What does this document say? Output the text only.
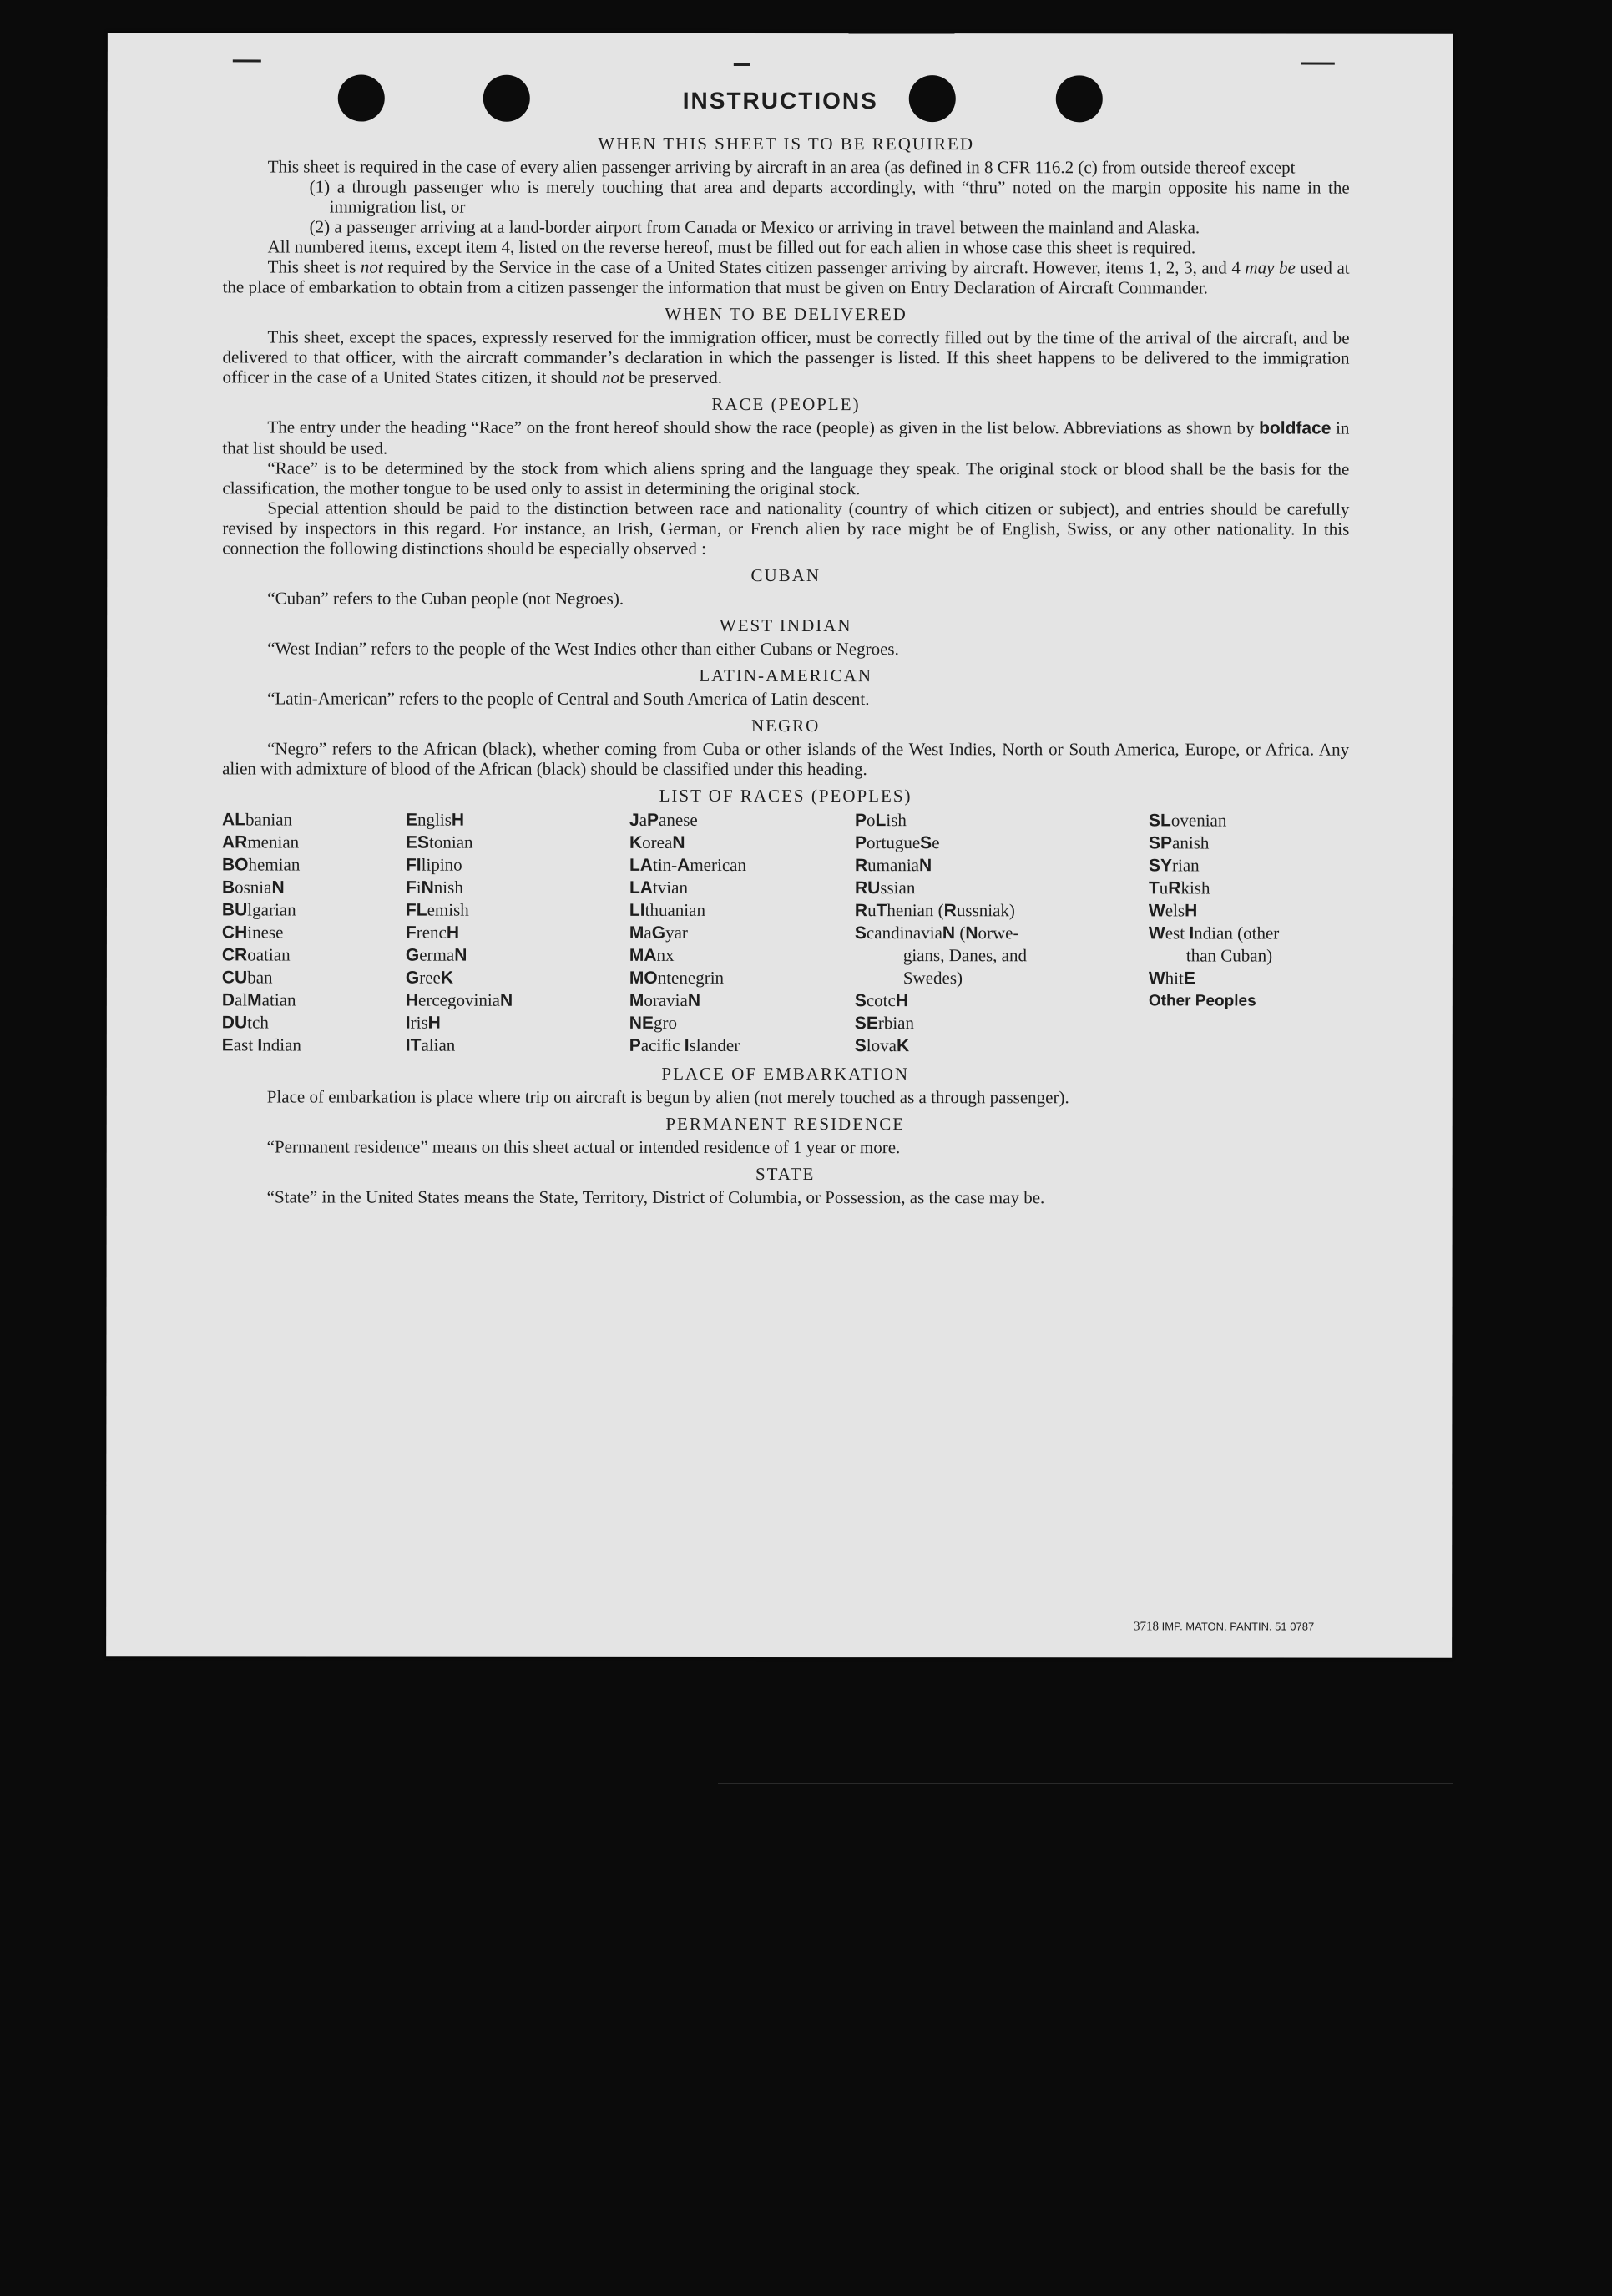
INSTRUCTIONS
WHEN THIS SHEET IS TO BE REQUIRED

This sheet is required in the case of every alien passenger arriving by aircraft in an area (as defined in 8 CFR 116.2 (c) from outside thereof except

(1) a through passenger who is merely touching that area and departs accordingly, with “thru” noted on the margin opposite his name in the immigration list, or

(2) a passenger arriving at a land-border airport from Canada or Mexico or arriving in travel between the mainland and Alaska.

All numbered items, except item 4, listed on the reverse hereof, must be filled out for each alien in whose case this sheet is required.

This sheet is not required by the Service in the case of a United States citizen passenger arriving by aircraft. However, items 1, 2, 3, and 4 may be used at the place of embarkation to obtain from a citizen passenger the information that must be given on Entry Declaration of Aircraft Commander.

WHEN TO BE DELIVERED

This sheet, except the spaces, expressly reserved for the immigration officer, must be correctly filled out by the time of the arrival of the aircraft, and be delivered to that officer, with the aircraft commander’s declaration in which the passenger is listed. If this sheet happens to be delivered to the immigration officer in the case of a United States citizen, it should not be preserved.

RACE (PEOPLE)

The entry under the heading “Race” on the front hereof should show the race (people) as given in the list below. Abbreviations as shown by boldface in that list should be used.

“Race” is to be determined by the stock from which aliens spring and the language they speak. The original stock or blood shall be the basis for the classification, the mother tongue to be used only to assist in determining the original stock.

Special attention should be paid to the distinction between race and nationality (country of which citizen or subject), and entries should be carefully revised by inspectors in this regard. For instance, an Irish, German, or French alien by race might be of English, Swiss, or any other nationality. In this connection the following distinctions should be especially observed :

CUBAN

“Cuban” refers to the Cuban people (not Negroes).

WEST INDIAN

“West Indian” refers to the people of the West Indies other than either Cubans or Negroes.

LATIN-AMERICAN

“Latin-American” refers to the people of Central and South America of Latin descent.

NEGRO

“Negro” refers to the African (black), whether coming from Cuba or other islands of the West Indies, North or South America, Europe, or Africa. Any alien with admixture of blood of the African (black) should be classified under this heading.

LIST OF RACES (PEOPLES)
ALbanian
ARmenian
BOhemian
BosniaN
BUlgarian
CHinese
CRoatian
CUban
DalMatian
DUtch
East Indian
EnglisH
EStonian
FIlipino
FiNnish
FLemish
FrencH
GermaN
GreeK
HercegoviniaN
IrisH
ITalian
JaPanese
KoreaN
LAtin-American
LAtvian
LIthuanian
MaGyar
MAnx
MOntenegrin
MoraviaN
NEgro
Pacific Islander
PoLish
PortugueSe
RumaniaN
RUssian
RuThenian (Russniak)
ScandinaviaN (Norwe-
gians, Danes, and
Swedes)
ScotcH
SErbian
SlovaK
SLovenian
SPanish
SYrian
TuRkish
WelsH
West Indian (other
than Cuban)
WhitE
Other Peoples
PLACE OF EMBARKATION

Place of embarkation is place where trip on aircraft is begun by alien (not merely touched as a through passenger).

PERMANENT RESIDENCE

“Permanent residence” means on this sheet actual or intended residence of 1 year or more.

STATE

“State” in the United States means the State, Territory, District of Columbia, or Possession, as the case may be.

3718 IMP. MATON, PANTIN. 51 0787
